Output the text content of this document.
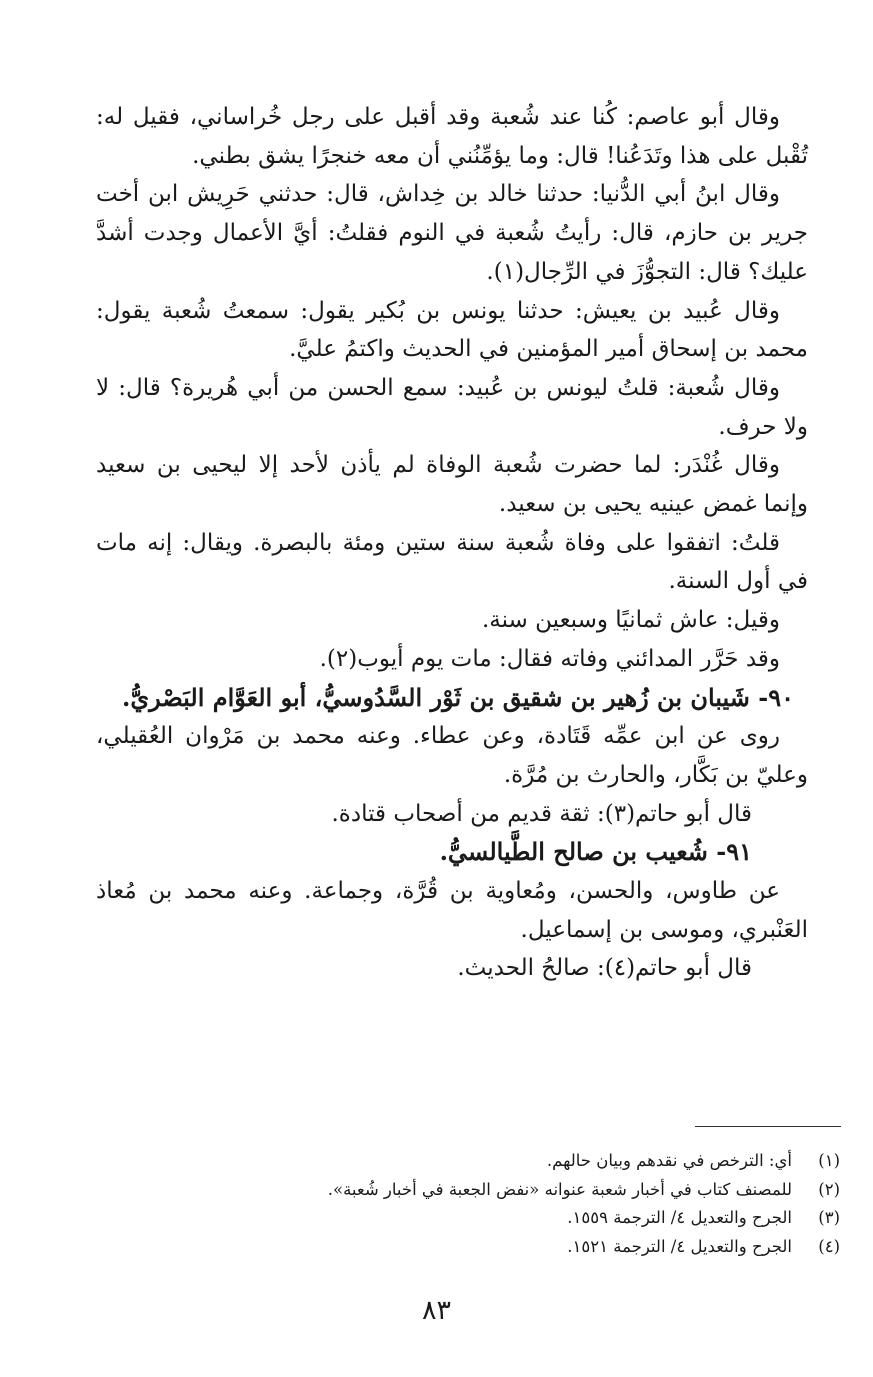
وقال أبو عاصم: كُنا عند شُعبة وقد أقبل على رجل خُراساني، فقيل له: تُقْبل على هذا وتَدَعُنا! قال: وما يؤمِّنُني أن معه خنجرًا يشق بطني.

وقال ابنُ أبي الدُّنيا: حدثنا خالد بن خِداش، قال: حدثني حَرِيش ابن أخت جرير بن حازم، قال: رأيتُ شُعبة في النوم فقلتُ: أيَّ الأعمال وجدت أشدَّ عليك؟ قال: التجوُّزَ في الرِّجال(١).

وقال عُبيد بن يعيش: حدثنا يونس بن بُكير يقول: سمعتُ شُعبة يقول: محمد بن إسحاق أمير المؤمنين في الحديث واكتمُ عليَّ.

وقال شُعبة: قلتُ ليونس بن عُبيد: سمع الحسن من أبي هُريرة؟ قال: لا ولا حرف.

وقال غُنْدَر: لما حضرت شُعبة الوفاة لم يأذن لأحد إلا ليحيى بن سعيد وإنما غمض عينيه يحيى بن سعيد.

قلتُ: اتفقوا على وفاة شُعبة سنة ستين ومئة بالبصرة. ويقال: إنه مات في أول السنة.

وقيل: عاش ثمانيًا وسبعين سنة.

وقد حَرَّر المدائني وفاته فقال: مات يوم أيوب(٢).

٩٠- شَيبان بن زُهير بن شقيق بن ثَوْر السَّدُوسيُّ، أبو العَوَّام البَصْريُّ.

روى عن ابن عمِّه قَتَادة، وعن عطاء. وعنه محمد بن مَرْوان العُقيلي، وعليّ بن بَكَّار، والحارث بن مُرَّة.

قال أبو حاتم(٣): ثقة قديم من أصحاب قتادة.

٩١- شُعيب بن صالح الطَّيالسيُّ.

عن طاوس، والحسن، ومُعاوية بن قُرَّة، وجماعة. وعنه محمد بن مُعاذ العَنْبري، وموسى بن إسماعيل.

قال أبو حاتم(٤): صالحُ الحديث.

(١)
أي: الترخص في نقدهم وبيان حالهم.
(٢)
للمصنف كتاب في أخبار شعبة عنوانه «نفض الجعبة في أخبار شُعبة».
(٣)
الجرح والتعديل ٤/ الترجمة ١٥٥٩.
(٤)
الجرح والتعديل ٤/ الترجمة ١٥٢١.
٨٣
